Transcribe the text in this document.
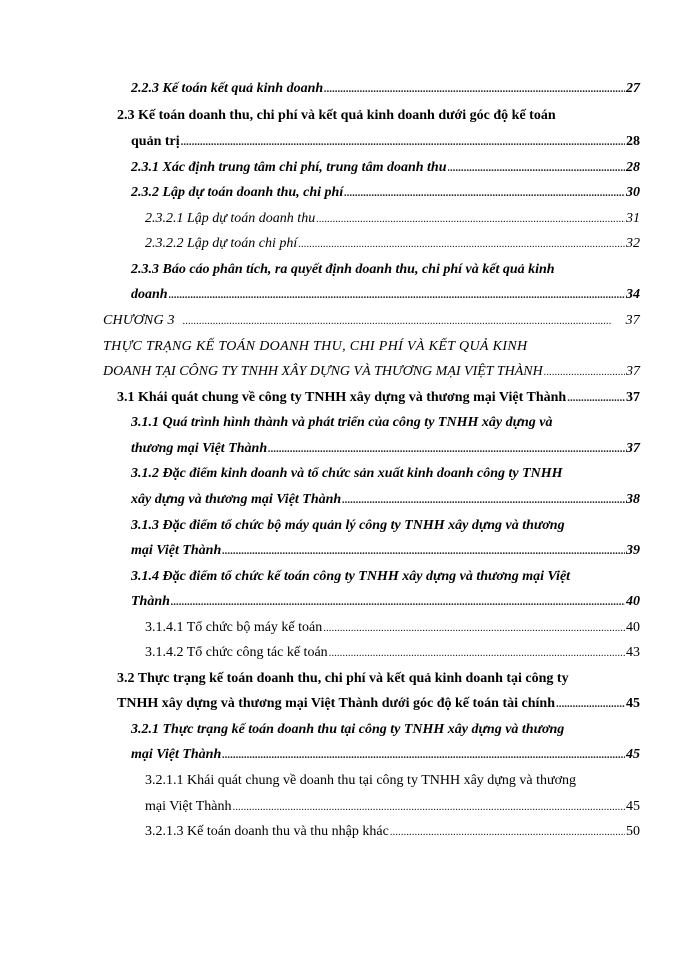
2.2.3 Kế toán kết quả kinh doanh .....	27
2.3 Kế toán doanh thu, chi phí và kết quả kinh doanh dưới góc độ kế toán
quản trị .....	28
2.3.1 Xác định trung tâm chi phí, trung tâm doanh thu .....	28
2.3.2 Lập dự toán doanh thu, chi phí .....	30
2.3.2.1 Lập dự toán doanh thu .....	31
2.3.2.2 Lập dự toán chi phí .....	32
2.3.3 Báo cáo phân tích, ra quyết định doanh thu, chi phí và kết quả kinh
doanh .....	34
CHƯƠNG 3 .....	37
THỰC TRẠNG KẾ TOÁN DOANH THU, CHI PHÍ VÀ KẾT QUẢ KINH
DOANH TẠI CÔNG TY TNHH XÂY DỰNG VÀ THƯƠNG MẠI VIỆT THÀNH .....	37
3.1 Khái quát chung về công ty TNHH xây dựng và thương mại Việt Thành .....	37
3.1.1 Quá trình hình thành và phát triển của công ty TNHH xây dựng và
thương mại Việt Thành .....	37
3.1.2 Đặc điểm kinh doanh và tổ chức sản xuất kinh doanh công ty TNHH
xây dựng và thương mại Việt Thành .....	38
3.1.3 Đặc điểm tổ chức bộ máy quản lý công ty TNHH xây dựng và thương
mại Việt Thành .....	39
3.1.4 Đặc điểm tổ chức kế toán công ty TNHH xây dựng và thương mại Việt
Thành .....	40
3.1.4.1 Tổ chức bộ máy kế toán .....	40
3.1.4.2 Tổ chức công tác kế toán .....	43
3.2 Thực trạng kế toán doanh thu, chi phí và kết quả kinh doanh tại công ty
TNHH xây dựng và thương mại Việt Thành dưới góc độ kế toán tài chính .....	45
3.2.1 Thực trạng kế toán doanh thu tại công ty TNHH xây dựng và thương
mại Việt Thành .....	45
3.2.1.1 Khái quát chung về doanh thu tại công ty TNHH xây dựng và thương
mại Việt Thành .....	45
3.2.1.3 Kế toán doanh thu và thu nhập khác .....	50
